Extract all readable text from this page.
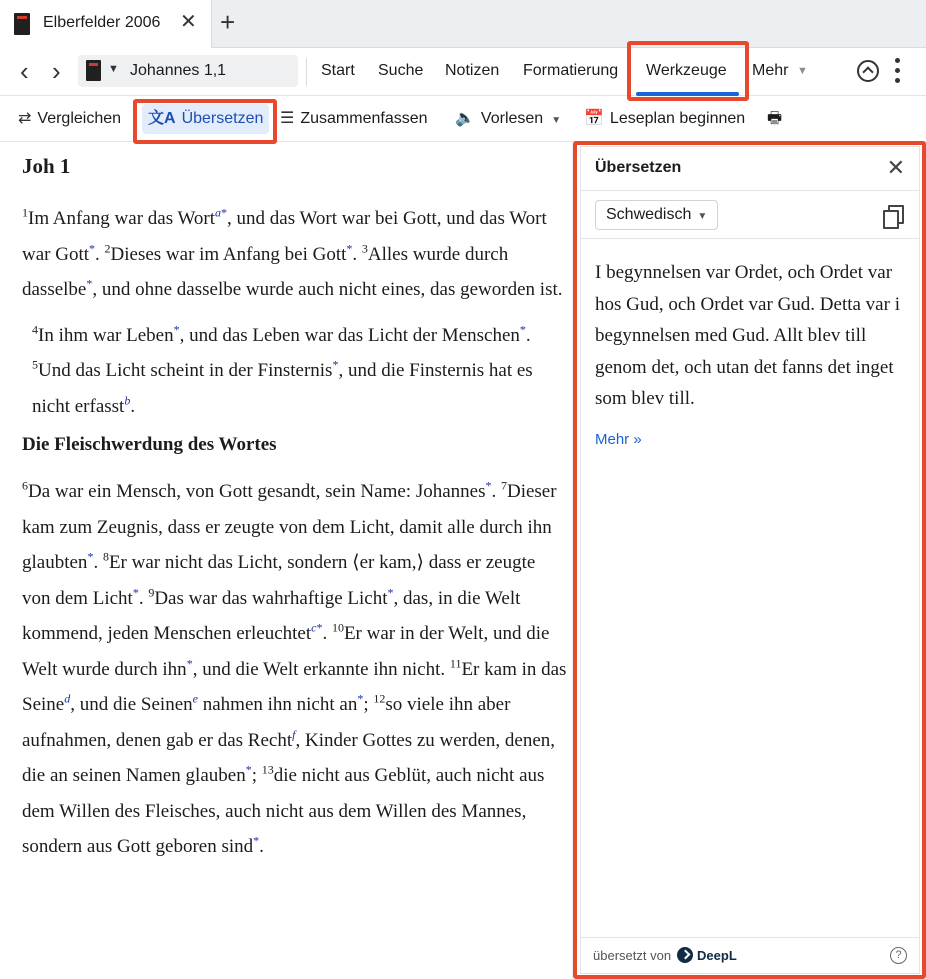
Elberfelder 2006 ✕ +
‹ ›	▼ Johannes 1,1	Start Suche Notizen Formatierung Werkzeuge Mehr ▼
⇄ Vergleichen	文A Übersetzen	☰ Zusammenfassen 🔈 Vorlesen ▼ 📅 Leseplan beginnen 🖶
Joh 1

$^1$Im Anfang war das Wort$^{a*}$, und das Wort war bei Gott, und das Wort war Gott*. $^2$Dieses war im Anfang bei Gott*. $^3$Alles wurde durch dasselbe*, und ohne dasselbe wurde auch nicht eines, das geworden ist.

$^4$In ihm war Leben*, und das Leben war das Licht der Menschen*. $^5$Und das Licht scheint in der Finsternis*, und die Finsternis hat es nicht erfasst$^b$.

Die Fleischwerdung des Wortes

$^6$Da war ein Mensch, von Gott gesandt, sein Name: Johannes*. $^7$Dieser kam zum Zeugnis, dass er zeugte von dem Licht, damit alle durch ihn glaubten*. $^8$Er war nicht das Licht, sondern ⟨er kam,⟩ dass er zeugte von dem Licht*. $^9$Das war das wahrhaftige Licht*, das, in die Welt kommend, jeden Menschen erleuchtet$^{c*}$. $^{10}$Er war in der Welt, und die Welt wurde durch ihn*, und die Welt erkannte ihn nicht. $^{11}$Er kam in das Seine$^d$, und die Seinen$^e$ nahmen ihn nicht an*; $^{12}$so viele ihn aber aufnahmen, denen gab er das Recht$^f$, Kinder Gottes zu werden, denen, die an seinen Namen glauben*; $^{13}$die nicht aus Geblüt, auch nicht aus dem Willen des Fleisches, auch nicht aus dem Willen des Mannes, sondern aus Gott geboren sind*.

Übersetzen	✕
Schwedisch ▼
I begynnelsen var Ordet, och Ordet var hos Gud, och Ordet var Gud. Detta var i begynnelsen med Gud. Allt blev till genom det, och utan det fanns det inget som blev till.
Mehr »
übersetzt von DeepL	?
